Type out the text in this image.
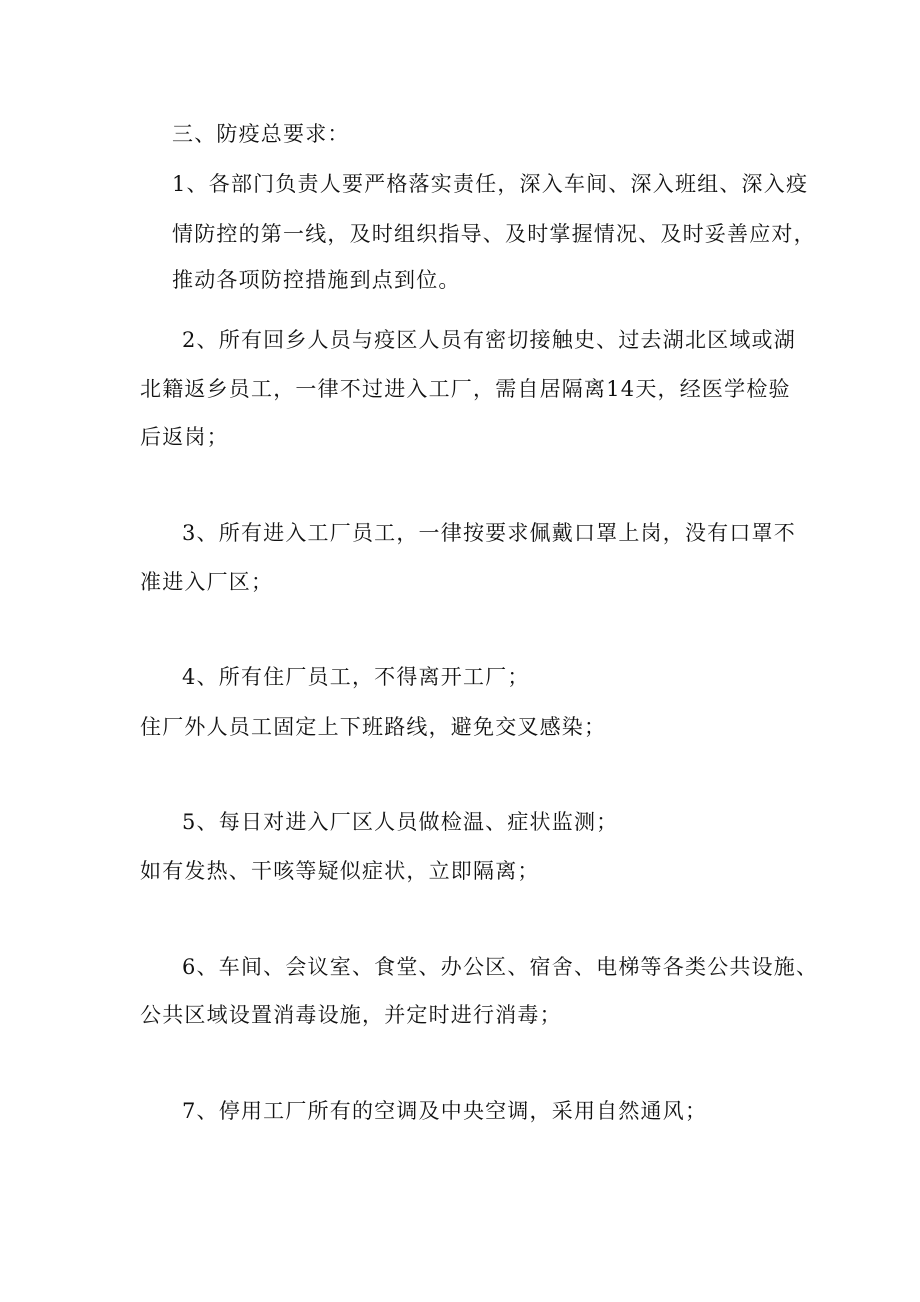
三、防疫总要求：
1、各部门负责人要严格落实责任，深入车间、深入班组、深入疫
情防控的第一线，及时组织指导、及时掌握情况、及时妥善应对，
推动各项防控措施到点到位。
2、所有回乡人员与疫区人员有密切接触史、过去湖北区域或湖
北籍返乡员工，一律不过进入工厂，需自居隔离14天，经医学检验
后返岗；
3、所有进入工厂员工，一律按要求佩戴口罩上岗，没有口罩不
准进入厂区；
4、所有住厂员工，不得离开工厂；
住厂外人员工固定上下班路线，避免交叉感染；
5、每日对进入厂区人员做检温、症状监测；
如有发热、干咳等疑似症状，立即隔离；
6、车间、会议室、食堂、办公区、宿舍、电梯等各类公共设施、
公共区域设置消毒设施，并定时进行消毒；
7、停用工厂所有的空调及中央空调，采用自然通风；
